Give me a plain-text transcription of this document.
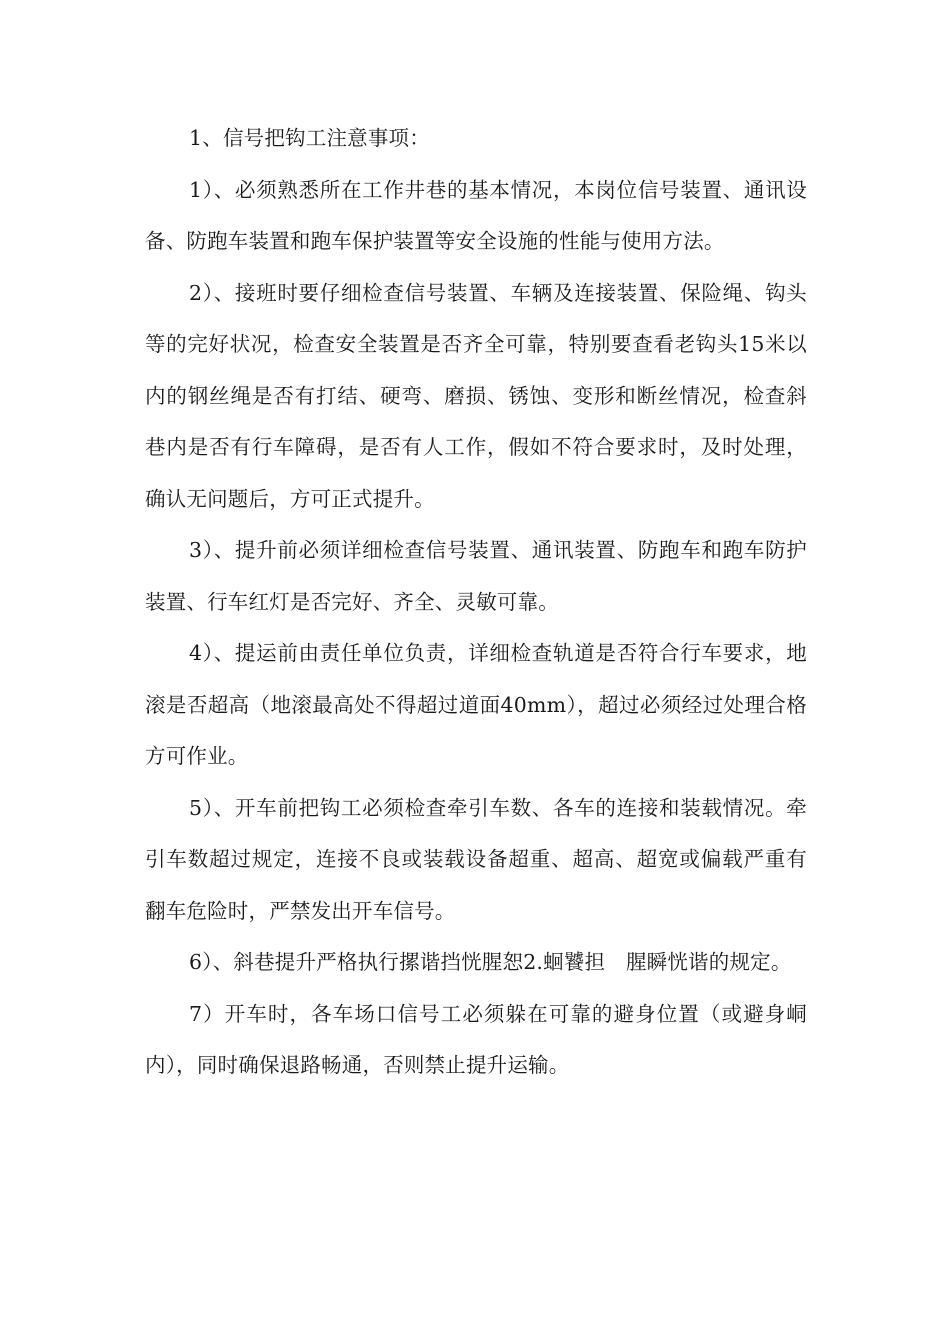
1、信号把钩工注意事项：

1）、必须熟悉所在工作井巷的基本情况，本岗位信号装置、通讯设备、防跑车装置和跑车保护装置等安全设施的性能与使用方法。

2）、接班时要仔细检查信号装置、车辆及连接装置、保险绳、钩头等的完好状况，检查安全装置是否齐全可靠，特别要查看老钩头15米以内的钢丝绳是否有打结、硬弯、磨损、锈蚀、变形和断丝情况，检查斜巷内是否有行车障碍，是否有人工作，假如不符合要求时，及时处理，确认无问题后，方可正式提升。

3）、提升前必须详细检查信号装置、通讯装置、防跑车和跑车防护装置、行车红灯是否完好、齐全、灵敏可靠。

4）、提运前由责任单位负责，详细检查轨道是否符合行车要求，地滚是否超高（地滚最高处不得超过道面40mm），超过必须经过处理合格方可作业。

5）、开车前把钩工必须检查牵引车数、各车的连接和装载情况。牵引车数超过规定，连接不良或装载设备超重、超高、超宽或偏载严重有翻车危险时，严禁发出开车信号。

6）、斜巷提升严格执行摞谐挡恍腥恕2.蛔饕担　腥瞬恍谐的规定。

7）开车时，各车场口信号工必须躲在可靠的避身位置（或避身峒内），同时确保退路畅通，否则禁止提升运输。
